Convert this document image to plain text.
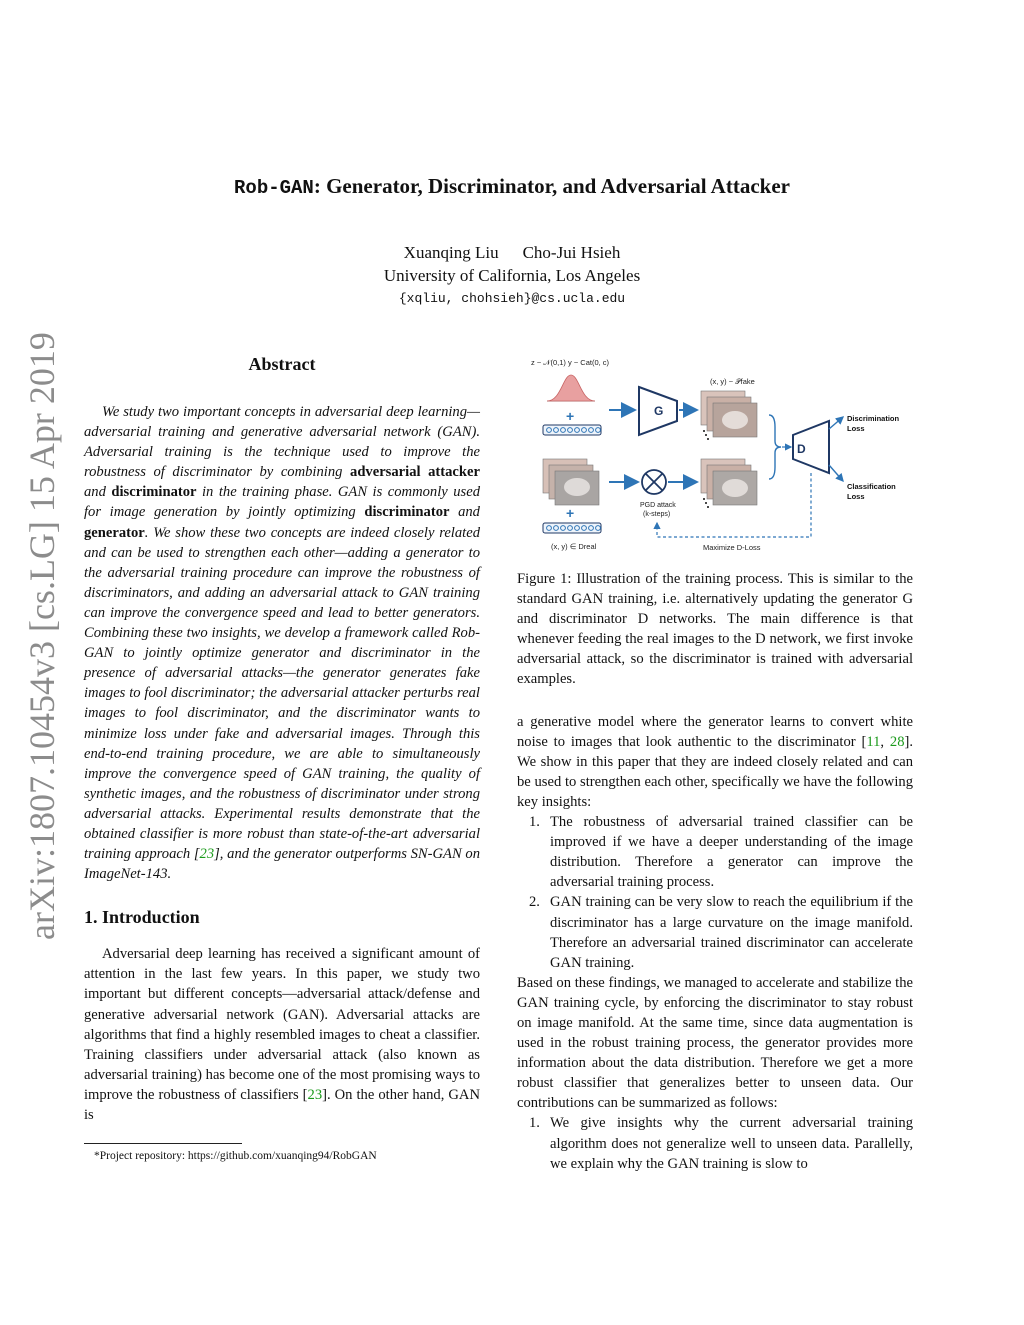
arXiv:1807.10454v3 [cs.LG] 15 Apr 2019
Rob-GAN: Generator, Discriminator, and Adversarial Attacker
Xuanqing Liu Cho-Jui Hsieh
University of California, Los Angeles
{xqliu, chohsieh}@cs.ucla.edu
Abstract

We study two important concepts in adversarial deep learning—adversarial training and generative adversarial network (GAN). Adversarial training is the technique used to improve the robustness of discriminator by combining adversarial attacker and discriminator in the training phase. GAN is commonly used for image generation by jointly optimizing discriminator and generator. We show these two concepts are indeed closely related and can be used to strengthen each other—adding a generator to the adversarial training procedure can improve the robustness of discriminators, and adding an adversarial attack to GAN training can improve the convergence speed and lead to better generators. Combining these two insights, we develop a framework called Rob-GAN to jointly optimize generator and discriminator in the presence of adversarial attacks—the generator generates fake images to fool discriminator; the adversarial attacker perturbs real images to fool discriminator, and the discriminator wants to minimize loss under fake and adversarial images. Through this end-to-end training procedure, we are able to simultaneously improve the convergence speed of GAN training, the quality of synthetic images, and the robustness of discriminator under strong adversarial attacks. Experimental results demonstrate that the obtained classifier is more robust than state-of-the-art adversarial training approach [23], and the generator outperforms SN-GAN on ImageNet-143.

1. Introduction

Adversarial deep learning has received a significant amount of attention in the last few years. In this paper, we study two important but different concepts—adversarial attack/defense and generative adversarial network (GAN). Adversarial attacks are algorithms that find a highly resembled images to cheat a classifier. Training classifiers under adversarial attack (also known as adversarial training) has become one of the most promising ways to improve the robustness of classifiers [23]. On the other hand, GAN is

*Project repository: https://github.com/xuanqing94/RobGAN
z ~ 𝒩(0,1) y ~ Cat(0, c)
+	G
(x, y) ~ 𝒫fake
PGD attack
(k-steps)
+
(x, y) ∈ Dreal
D
Discrimination
Loss
Classification
Loss
Maximize D-Loss

Figure 1: Illustration of the training process. This is similar to the standard GAN training, i.e. alternatively updating the generator G and discriminator D networks. The main difference is that whenever feeding the real images to the D network, we first invoke adversarial attack, so the discriminator is trained with adversarial examples.

a generative model where the generator learns to convert white noise to images that look authentic to the discriminator [11, 28]. We show in this paper that they are indeed closely related and can be used to strengthen each other, specifically we have the following key insights:

1. The robustness of adversarial trained classifier can be improved if we have a deeper understanding of the image distribution. Therefore a generator can improve the adversarial training process.
2. GAN training can be very slow to reach the equilibrium if the discriminator has a large curvature on the image manifold. Therefore an adversarial trained discriminator can accelerate GAN training.

Based on these findings, we managed to accelerate and stabilize the GAN training cycle, by enforcing the discriminator to stay robust on image manifold. At the same time, since data augmentation is used in the robust training process, the generator provides more information about the data distribution. Therefore we get a more robust classifier that generalizes better to unseen data. Our contributions can be summarized as follows:

1. We give insights why the current adversarial training algorithm does not generalize well to unseen data. Parallelly, we explain why the GAN training is slow to
